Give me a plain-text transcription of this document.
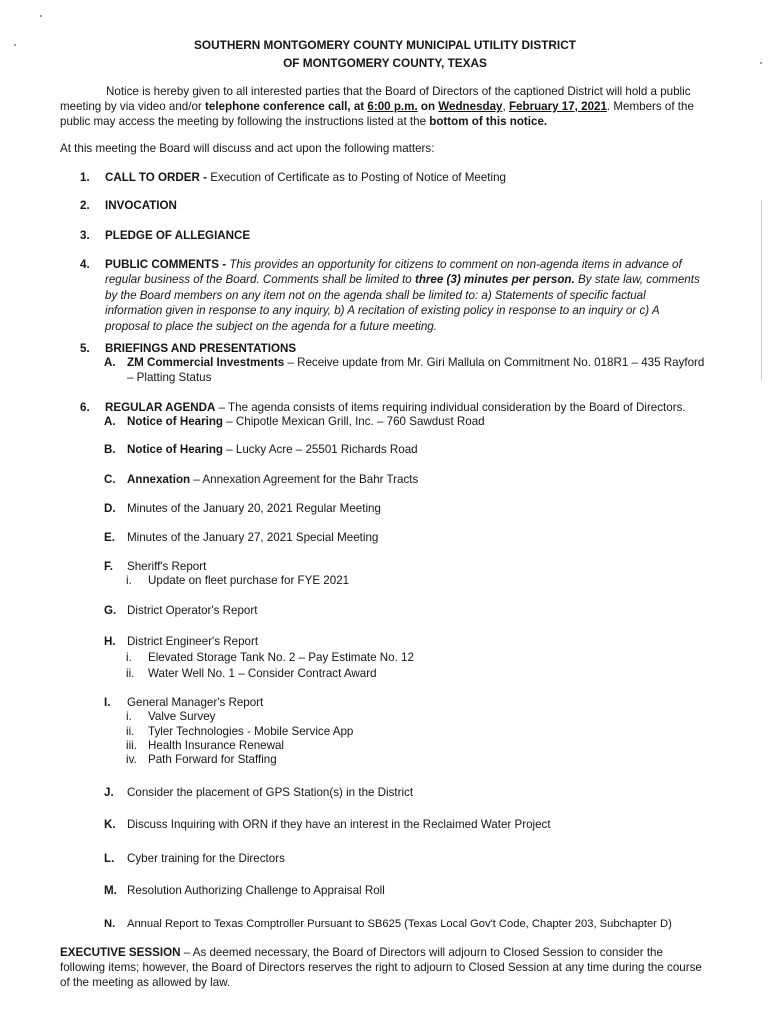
SOUTHERN MONTGOMERY COUNTY MUNICIPAL UTILITY DISTRICT
OF MONTGOMERY COUNTY, TEXAS
Notice is hereby given to all interested parties that the Board of Directors of the captioned District will hold a public meeting by via video and/or telephone conference call, at 6:00 p.m. on Wednesday, February 17, 2021. Members of the public may access the meeting by following the instructions listed at the bottom of this notice.
At this meeting the Board will discuss and act upon the following matters:
1.	CALL TO ORDER - Execution of Certificate as to Posting of Notice of Meeting
2.	INVOCATION
3.	PLEDGE OF ALLEGIANCE
4.	PUBLIC COMMENTS - This provides an opportunity for citizens to comment on non-agenda items in advance of regular business of the Board. Comments shall be limited to three (3) minutes per person. By state law, comments by the Board members on any item not on the agenda shall be limited to: a) Statements of specific factual information given in response to any inquiry, b) A recitation of existing policy in response to an inquiry or c) A proposal to place the subject on the agenda for a future meeting.
5.	BRIEFINGS AND PRESENTATIONS
A. ZM Commercial Investments – Receive update from Mr. Giri Mallula on Commitment No. 018R1 – 435 Rayford – Platting Status
6.	REGULAR AGENDA – The agenda consists of items requiring individual consideration by the Board of Directors.
A. Notice of Hearing – Chipotle Mexican Grill, Inc. – 760 Sawdust Road
B. Notice of Hearing – Lucky Acre – 25501 Richards Road
C. Annexation – Annexation Agreement for the Bahr Tracts
D. Minutes of the January 20, 2021 Regular Meeting
E.	Minutes of the January 27, 2021 Special Meeting
F.	Sheriff's Report
i.	Update on fleet purchase for FYE 2021
G. District Operator's Report
H. District Engineer's Report
i.	Elevated Storage Tank No. 2 – Pay Estimate No. 12
ii.	Water Well No. 1 – Consider Contract Award
I.	General Manager's Report
i.	Valve Survey
ii.	Tyler Technologies - Mobile Service App
iii. Health Insurance Renewal
iv. Path Forward for Staffing
J.	Consider the placement of GPS Station(s) in the District
K. Discuss Inquiring with ORN if they have an interest in the Reclaimed Water Project
L.	Cyber training for the Directors
M. Resolution Authorizing Challenge to Appraisal Roll
N.	Annual Report to Texas Comptroller Pursuant to SB625 (Texas Local Gov't Code, Chapter 203, Subchapter D)
EXECUTIVE SESSION – As deemed necessary, the Board of Directors will adjourn to Closed Session to consider the following items; however, the Board of Directors reserves the right to adjourn to Closed Session at any time during the course of the meeting as allowed by law.
